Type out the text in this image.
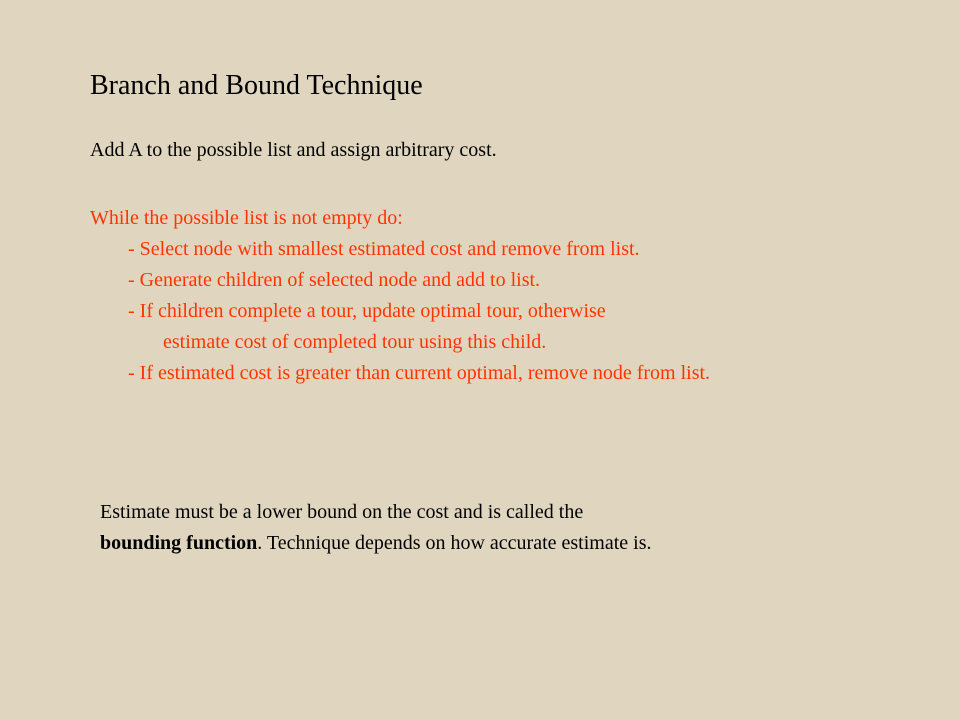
Branch and Bound Technique
Add A to the possible list and assign arbitrary cost.
While the possible list is not empty do:
- Select node with smallest estimated cost and remove from list.
- Generate children of selected node and add to list.
- If children complete a tour, update optimal tour, otherwise
estimate cost of completed tour using this child.
- If estimated cost is greater than current optimal, remove node from list.
Estimate must be a lower bound on the cost and is called the
bounding function. Technique depends on how accurate estimate is.
